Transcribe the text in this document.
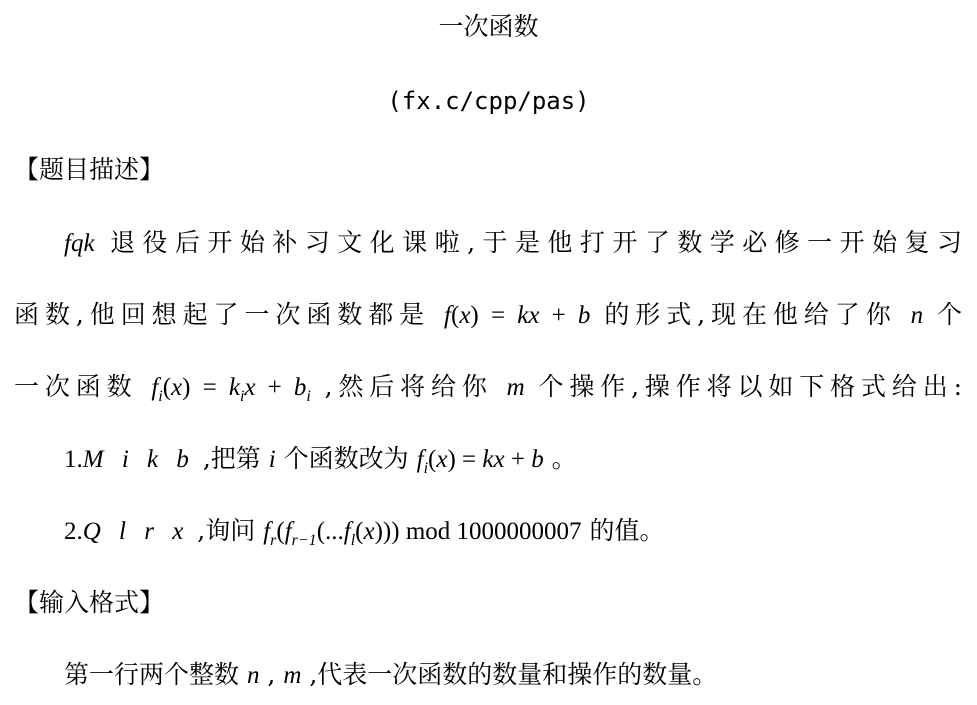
一次函数
(fx.c/cpp/pas)
【题目描述】
fqk 退役后开始补习文化课啦,于是他打开了数学必修一开始复习
函数,他回想起了一次函数都是 f(x) = kx + b 的形式,现在他给了你 n 个
一次函数 $f_i(x) = k_ix + b_i$ ,然后将给你 m 个操作,操作将以如下格式给出:
1.M i k b ,把第 i 个函数改为 $f_i(x)$ = kx + b 。
2.Q l r x ,询问 $f_r(f_{r-1}(...f_l(x)))$ mod 1000000007 的值。
【输入格式】
第一行两个整数 n , m ,代表一次函数的数量和操作的数量。
